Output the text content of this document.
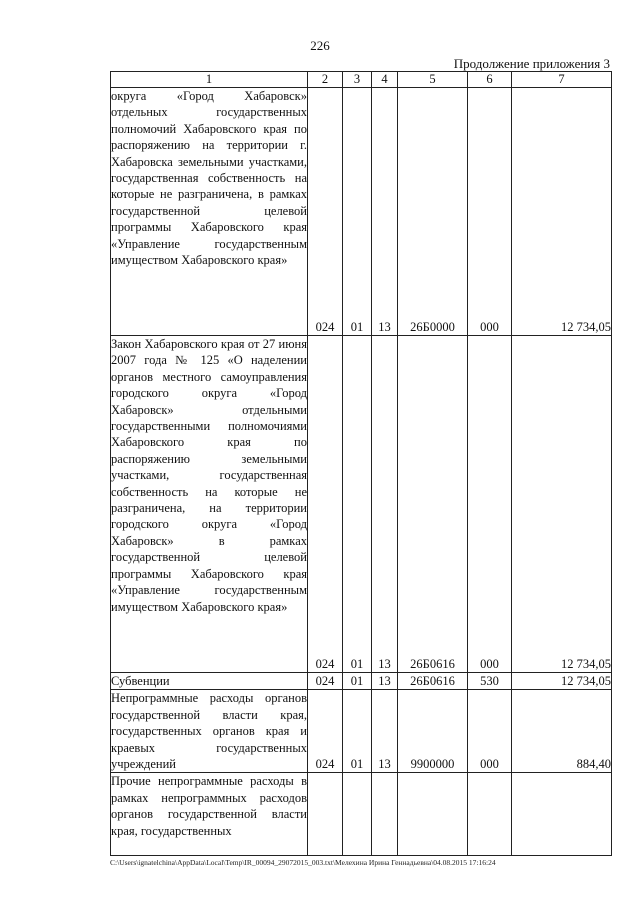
226
Продолжение приложения 3
1	2	3	4	5	6	7
округа «Город Хабаровск» отдельных государственных полномочий Хабаровского края по распоряжению на территории г. Хабаровска земельными участками, государственная собственность на которые не разграничена, в рамках государственной целевой программы Хабаровского края «Управление государственным имуществом Хабаровского края»	024	01	13	26Б0000	000	12 734,05
Закон Хабаровского края от 27 июня 2007 года № 125 «О наделении органов местного самоуправления городского округа «Город Хабаровск» отдельными государственными полномочиями Хабаровского края по распоряжению земельными участками, государственная собственность на которые не разграничена, на территории городского округа «Город Хабаровск» в рамках государственной целевой программы Хабаровского края «Управление государственным имуществом Хабаровского края»	024	01	13	26Б0616	000	12 734,05
Субвенции	024	01	13	26Б0616	530	12 734,05
Непрограммные расходы органов государственной власти края, государственных органов края и краевых государственных учреждений	024	01	13	9900000	000	884,40
Прочие непрограммные расходы в рамках непрограммных расходов органов государственной власти края, государственных						
C:\Users\ignatelchina\AppData\Local\Temp\IR_00094_29072015_003.txt\Мелехина Ирина Геннадьевна\04.08.2015 17:16:24
